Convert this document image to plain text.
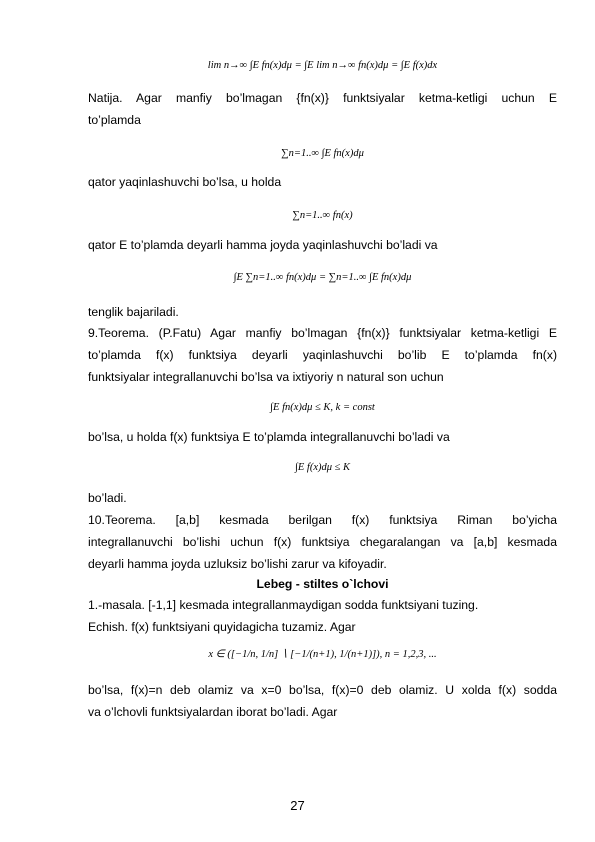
lim n→∞ ∫E fn(x)dμ = ∫E lim n→∞ fn(x)dμ = ∫E f(x)dx
Natija. Agar manfiy bo’lmagan {fn(x)} funktsiyalar ketma-ketligi uchun E
to’plamda
∑n=1..∞ ∫E fn(x)dμ
qator yaqinlashuvchi bo’lsa, u holda
∑n=1..∞ fn(x)
qator E to’plamda deyarli hamma joyda yaqinlashuvchi bo’ladi va
∫E ∑n=1..∞ fn(x)dμ = ∑n=1..∞ ∫E fn(x)dμ
tenglik bajariladi.
9.Teorema. (P.Fatu) Agar manfiy bo’lmagan {fn(x)} funktsiyalar ketma-ketligi E
to’plamda f(x) funktsiya deyarli yaqinlashuvchi bo’lib E to’plamda fn(x)
funktsiyalar integrallanuvchi bo’lsa va ixtiyoriy n natural son uchun
∫E fn(x)dμ ≤ K, k = const
bo’lsa, u holda f(x) funktsiya E to’plamda integrallanuvchi bo’ladi va
∫E f(x)dμ ≤ K
bo’ladi.
10.Teorema. [a,b] kesmada berilgan f(x) funktsiya Riman bo’yicha
integrallanuvchi bo’lishi uchun f(x) funktsiya chegaralangan va [a,b] kesmada
deyarli hamma joyda uzluksiz bo’lishi zarur va kifoyadir.
Lebeg - stiltes o`lchovi
1.-masala. [-1,1] kesmada integrallanmaydigan sodda funktsiyani tuzing.
Echish. f(x) funktsiyani quyidagicha tuzamiz. Agar
x ∈ ([−1/n, 1/n] ∖ [−1/(n+1), 1/(n+1)]), n = 1,2,3, ...
bo’lsa, f(x)=n deb olamiz va x=0 bo’lsa, f(x)=0 deb olamiz. U xolda f(x) sodda
va o’lchovli funktsiyalardan iborat bo’ladi. Agar
27
